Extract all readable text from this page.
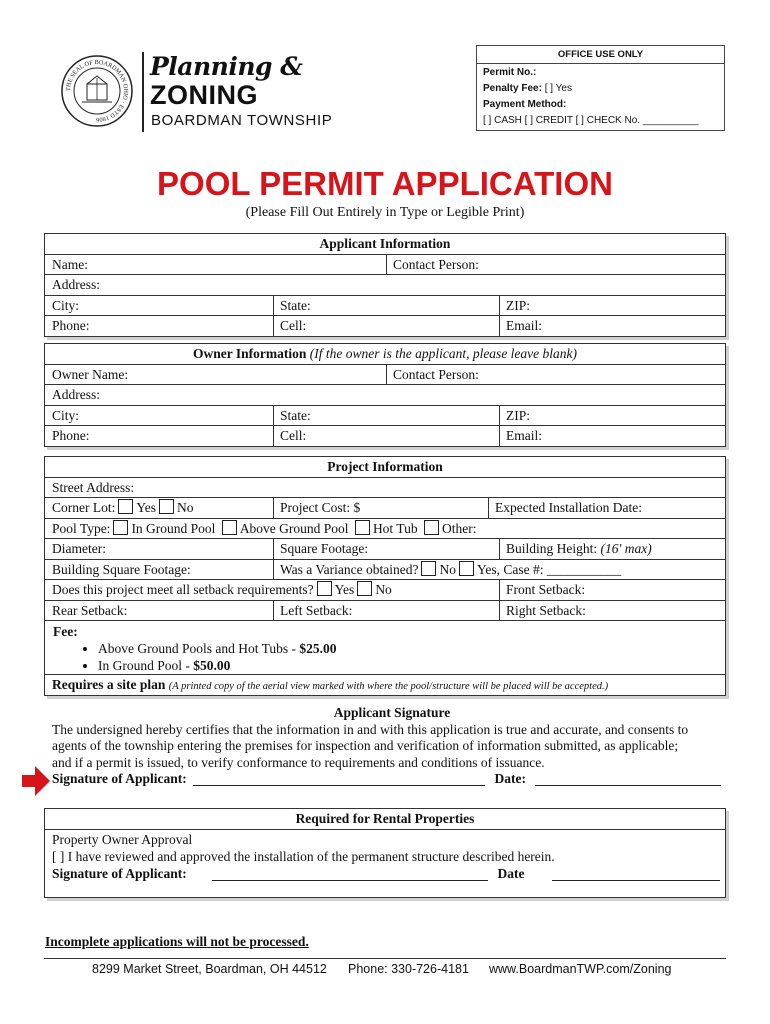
THE SEAL OF BOARDMAN OHIO · ESTD 1806
Planning &
ZONING
BOARDMAN TOWNSHIP
OFFICE USE ONLY
Permit No.:
Penalty Fee: [ ] Yes
Payment Method:
[ ] CASH [ ] CREDIT [ ] CHECK No. __________
POOL PERMIT APPLICATION
(Please Fill Out Entirely in Type or Legible Print)
Applicant Information
Name:	Contact Person:
Address:
City:	State:	ZIP:
Phone:	Cell:	Email:
Owner Information (If the owner is the applicant, please leave blank)
Owner Name:	Contact Person:
Address:
City:	State:	ZIP:
Phone:	Cell:	Email:
Project Information
Street Address:
Corner Lot: Yes No	Project Cost: $	Expected Installation Date:
Pool Type: In Ground Pool Above Ground Pool Hot Tub Other:
Diameter:	Square Footage:	Building Height: (16' max)
Building Square Footage:	Was a Variance obtained? No Yes, Case #: ___________
Does this project meet all setback requirements? Yes No	Front Setback:
Rear Setback:	Left Setback:	Right Setback:
Fee:
• Above Ground Pools and Hot Tubs - $25.00
• In Ground Pool - $50.00
Requires a site plan (A printed copy of the aerial view marked with where the pool/structure will be placed will be accepted.)
Applicant Signature
The undersigned hereby certifies that the information in and with this application is true and accurate, and consents to
agents of the township entering the premises for inspection and verification of information submitted, as applicable;
and if a permit is issued, to verify conformance to requirements and conditions of issuance.
Signature of Applicant:	Date:
Required for Rental Properties
Property Owner Approval
[ ] I have reviewed and approved the installation of the permanent structure described herein.
Signature of Applicant:	Date
Incomplete applications will not be processed.
8299 Market Street, Boardman, OH 44512 Phone: 330-726-4181 www.BoardmanTWP.com/Zoning
